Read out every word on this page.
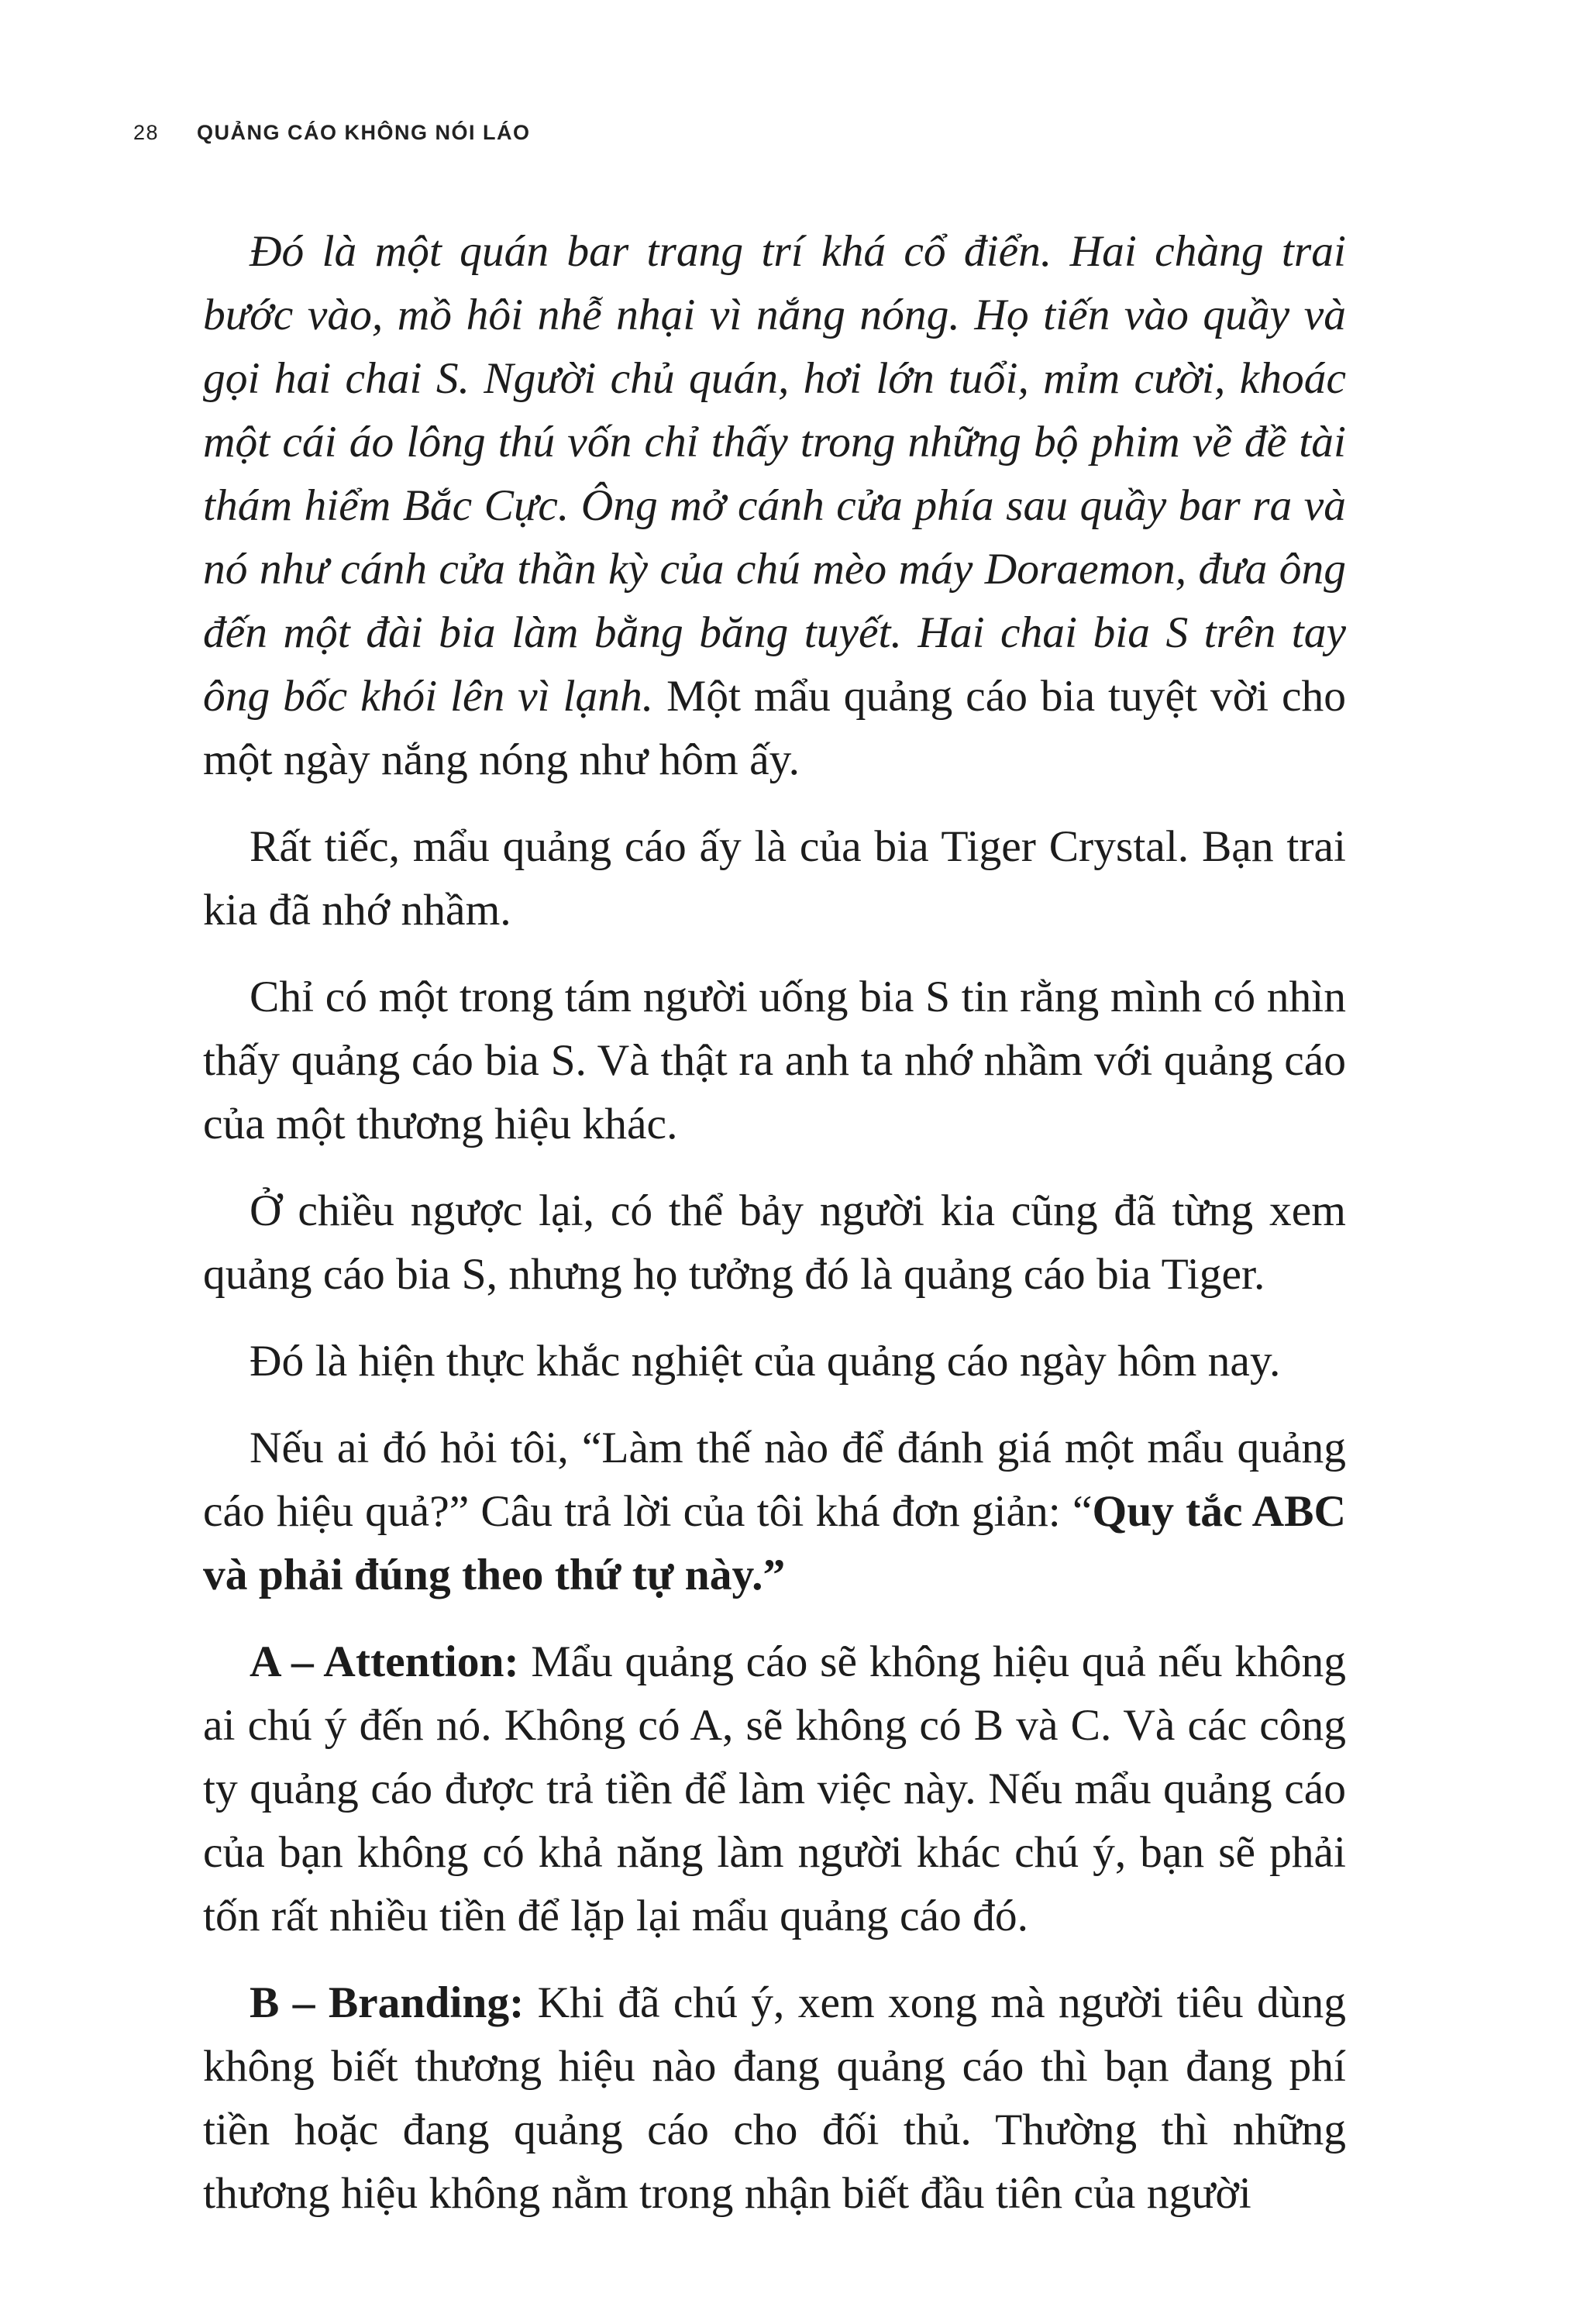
28 QUẢNG CÁO KHÔNG NÓI LÁO

Đó là một quán bar trang trí khá cổ điển. Hai chàng trai bước vào, mồ hôi nhễ nhại vì nắng nóng. Họ tiến vào quầy và gọi hai chai S. Người chủ quán, hơi lớn tuổi, mỉm cười, khoác một cái áo lông thú vốn chỉ thấy trong những bộ phim về đề tài thám hiểm Bắc Cực. Ông mở cánh cửa phía sau quầy bar ra và nó như cánh cửa thần kỳ của chú mèo máy Doraemon, đưa ông đến một đài bia làm bằng băng tuyết. Hai chai bia S trên tay ông bốc khói lên vì lạnh. Một mẩu quảng cáo bia tuyệt vời cho một ngày nắng nóng như hôm ấy.

Rất tiếc, mẩu quảng cáo ấy là của bia Tiger Crystal. Bạn trai kia đã nhớ nhầm.

Chỉ có một trong tám người uống bia S tin rằng mình có nhìn thấy quảng cáo bia S. Và thật ra anh ta nhớ nhầm với quảng cáo của một thương hiệu khác.

Ở chiều ngược lại, có thể bảy người kia cũng đã từng xem quảng cáo bia S, nhưng họ tưởng đó là quảng cáo bia Tiger.

Đó là hiện thực khắc nghiệt của quảng cáo ngày hôm nay.

Nếu ai đó hỏi tôi, “Làm thế nào để đánh giá một mẩu quảng cáo hiệu quả?” Câu trả lời của tôi khá đơn giản: “Quy tắc ABC và phải đúng theo thứ tự này.”

A – Attention: Mẩu quảng cáo sẽ không hiệu quả nếu không ai chú ý đến nó. Không có A, sẽ không có B và C. Và các công ty quảng cáo được trả tiền để làm việc này. Nếu mẩu quảng cáo của bạn không có khả năng làm người khác chú ý, bạn sẽ phải tốn rất nhiều tiền để lặp lại mẩu quảng cáo đó.

B – Branding: Khi đã chú ý, xem xong mà người tiêu dùng không biết thương hiệu nào đang quảng cáo thì bạn đang phí tiền hoặc đang quảng cáo cho đối thủ. Thường thì những thương hiệu không nằm trong nhận biết đầu tiên của người
